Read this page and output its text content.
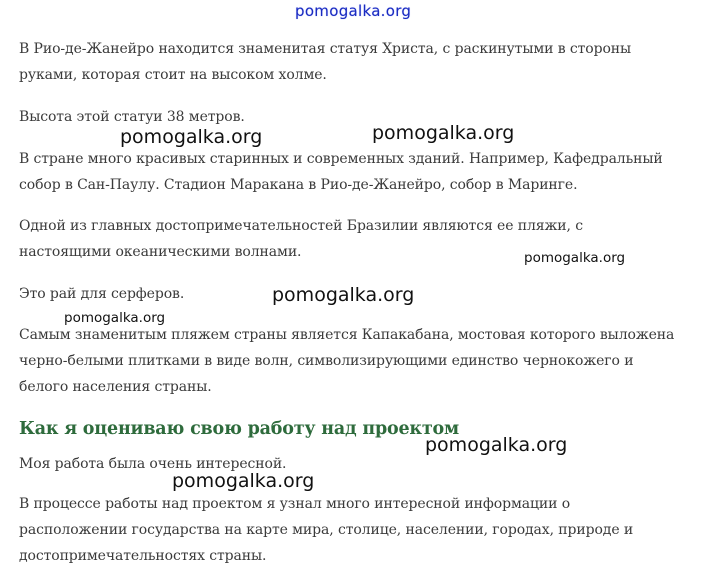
pomogalka.org

В Рио-де-Жанейро находится знаменитая статуя Христа, с раскинутыми в стороны руками, которая стоит на высоком холме.

Высота этой статуи 38 метров.

В стране много красивых старинных и современных зданий. Например, Кафедральный собор в Сан-Паулу. Стадион Маракана в Рио-де-Жанейро, собор в Маринге.

Одной из главных достопримечательностей Бразилии являются ее пляжи, с настоящими океаническими волнами.

Это рай для серферов.

Самым знаменитым пляжем страны является Капакабана, мостовая которого выложена черно-белыми плитками в виде волн, символизирующими единство чернокожего и белого населения страны.

Как я оцениваю свою работу над проектом

Моя работа была очень интересной.

В процессе работы над проектом я узнал много интересной информации о расположении государства на карте мира, столице, населении, городах, природе и достопримечательностях страны.

pomogalka.org	pomogalka.org
pomogalka.org
pomogalka.org
pomogalka.org
pomogalka.org
pomogalka.org
